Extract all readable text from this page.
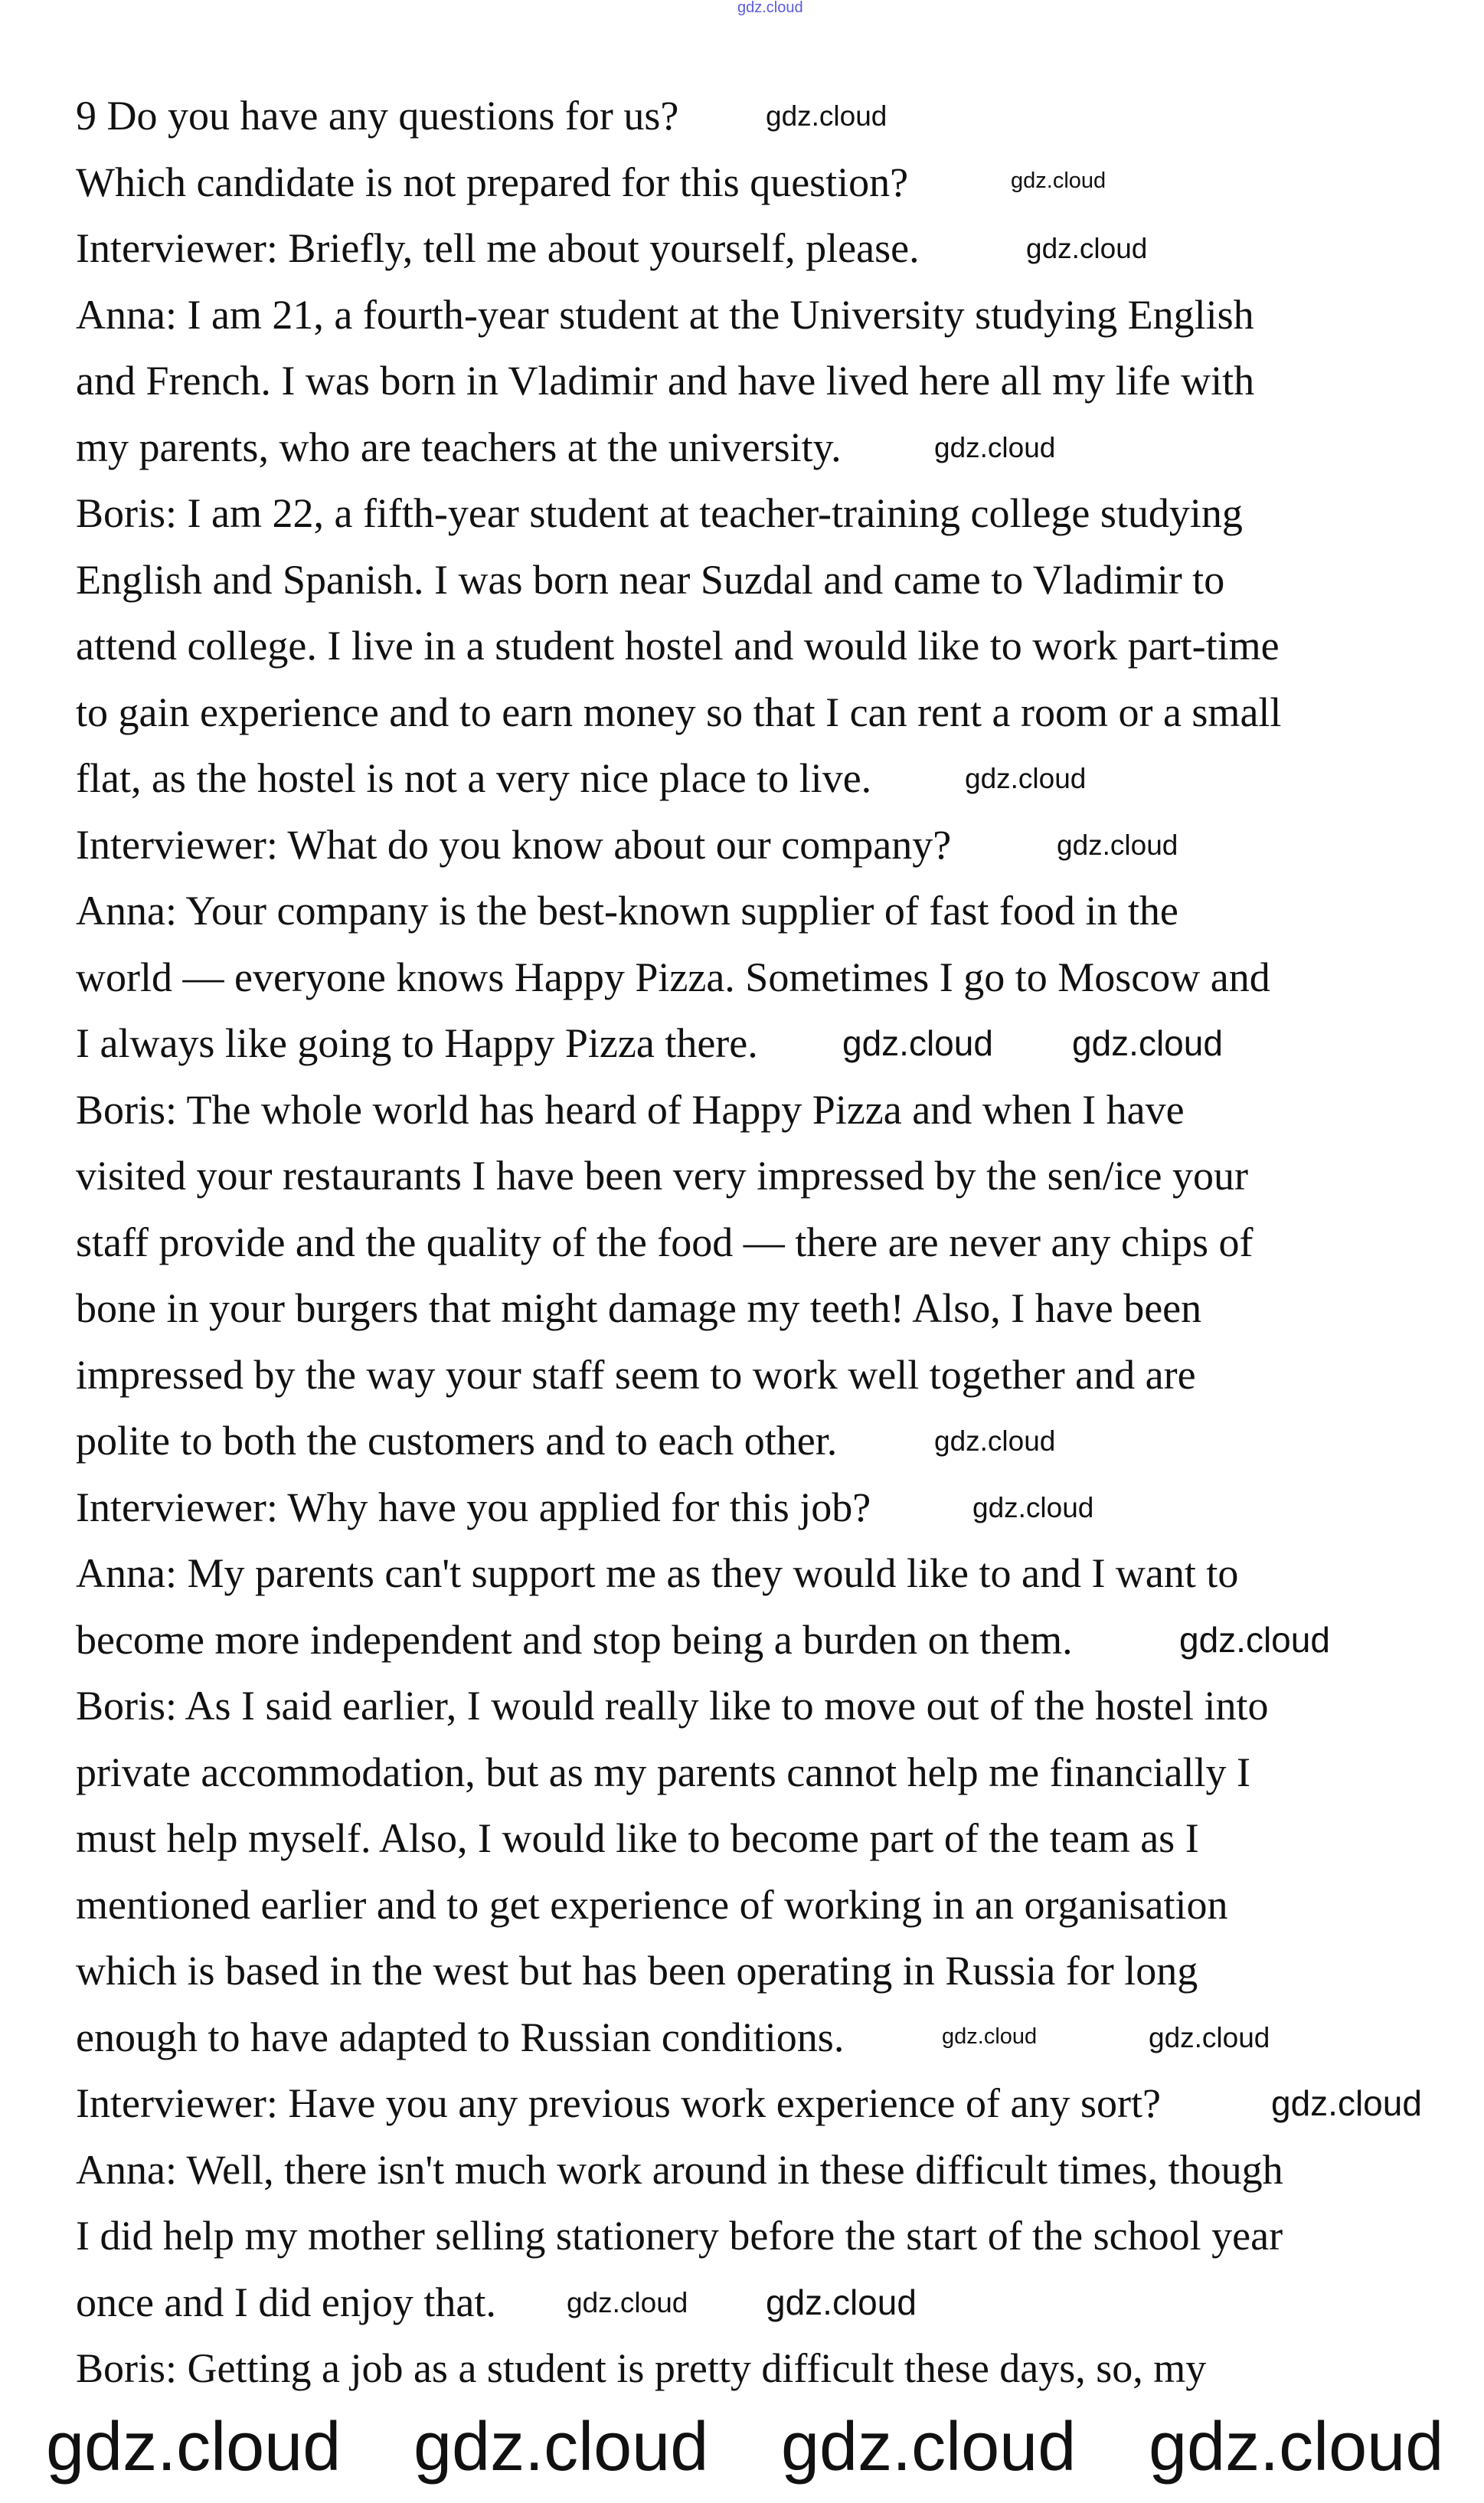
9 Do you have any questions for us?
Which candidate is not prepared for this question?
Interviewer: Briefly, tell me about yourself, please.
Anna: I am 21, a fourth-year student at the University studying English
and French. I was born in Vladimir and have lived here all my life with
my parents, who are teachers at the university.
Boris: I am 22, a fifth-year student at teacher-training college studying
English and Spanish. I was born near Suzdal and came to Vladimir to
attend college. I live in a student hostel and would like to work part-time
to gain experience and to earn money so that I can rent a room or a small
flat, as the hostel is not a very nice place to live.
Interviewer: What do you know about our company?
Anna: Your company is the best-known supplier of fast food in the
world — everyone knows Happy Pizza. Sometimes I go to Moscow and
I always like going to Happy Pizza there.
Boris: The whole world has heard of Happy Pizza and when I have
visited your restaurants I have been very impressed by the sen/ice your
staff provide and the quality of the food — there are never any chips of
bone in your burgers that might damage my teeth! Also, I have been
impressed by the way your staff seem to work well together and are
polite to both the customers and to each other.
Interviewer: Why have you applied for this job?
Anna: My parents can't support me as they would like to and I want to
become more independent and stop being a burden on them.
Boris: As I said earlier, I would really like to move out of the hostel into
private accommodation, but as my parents cannot help me financially I
must help myself. Also, I would like to become part of the team as I
mentioned earlier and to get experience of working in an organisation
which is based in the west but has been operating in Russia for long
enough to have adapted to Russian conditions.
Interviewer: Have you any previous work experience of any sort?
Anna: Well, there isn't much work around in these difficult times, though
I did help my mother selling stationery before the start of the school year
once and I did enjoy that.
Boris: Getting a job as a student is pretty difficult these days, so, my
gdz.cloud
gdz.cloud
gdz.cloud
gdz.cloud
gdz.cloud
gdz.cloud
gdz.cloud
gdz.cloud
gdz.cloud
gdz.cloud
gdz.cloud
gdz.cloud
gdz.cloud
gdz.cloud
gdz.cloud
gdz.cloud	gdz.cloud
gdz.cloud
gdz.cloud
gdz.cloud gdz.cloud
